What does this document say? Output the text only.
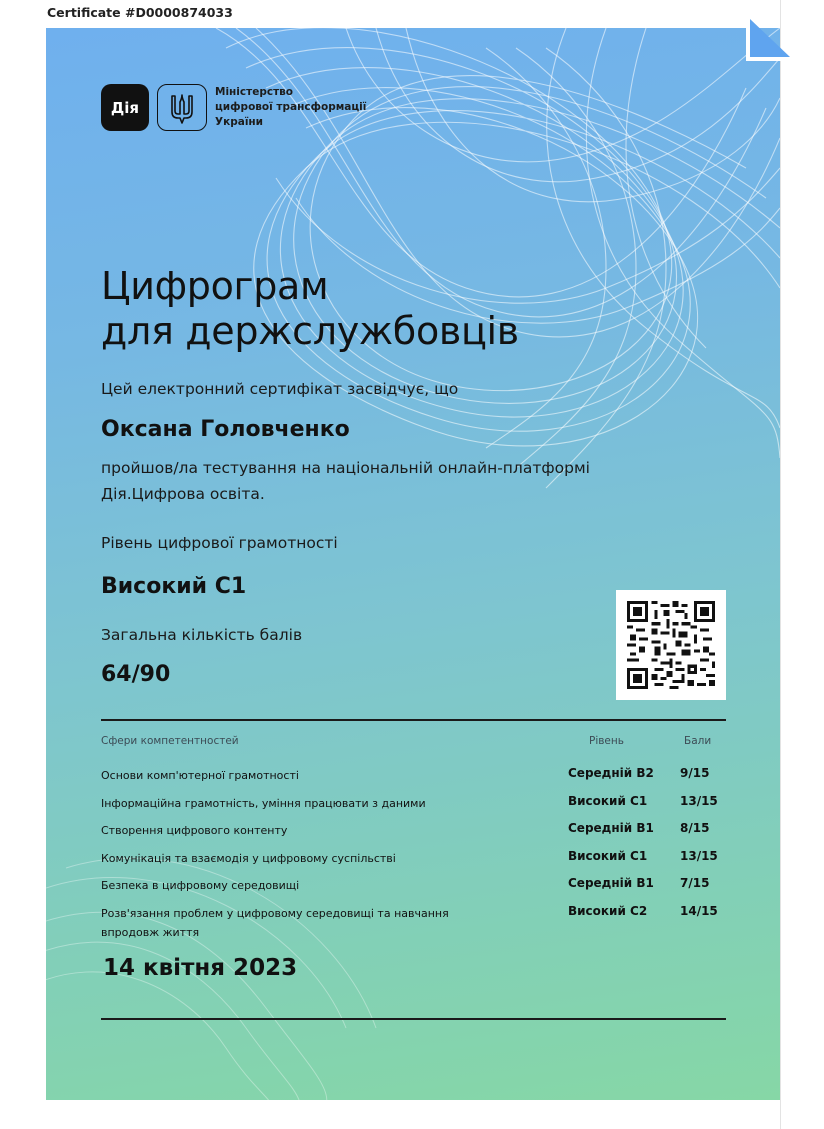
Certificate #D0000874033
Дія
Міністерство
цифрової трансформації
України
Цифрограм
для держслужбовців
Цей електронний сертифікат засвідчує, що
Оксана Головченко
пройшов/ла тестування на національній онлайн-платформі
Дія.Цифрова освіта.
Рівень цифрової грамотності
Високий С1
Загальна кількість балів
64/90
Сфери компетентностей	Рівень	Бали
Основи комп'ютерної грамотності	Середній В2 9/15
Інформаційна грамотність, уміння працювати з даними	Високий С1	13/15
Створення цифрового контенту	Середній В1 8/15
Комунікація та взаємодія у цифровому суспільстві	Високий С1	13/15
Безпека в цифровому середовищі	Середній В1 7/15
Розв'язання проблем у цифровому середовищі та навчання впродовж життя
Високий С2	14/15
14 квітня 2023
